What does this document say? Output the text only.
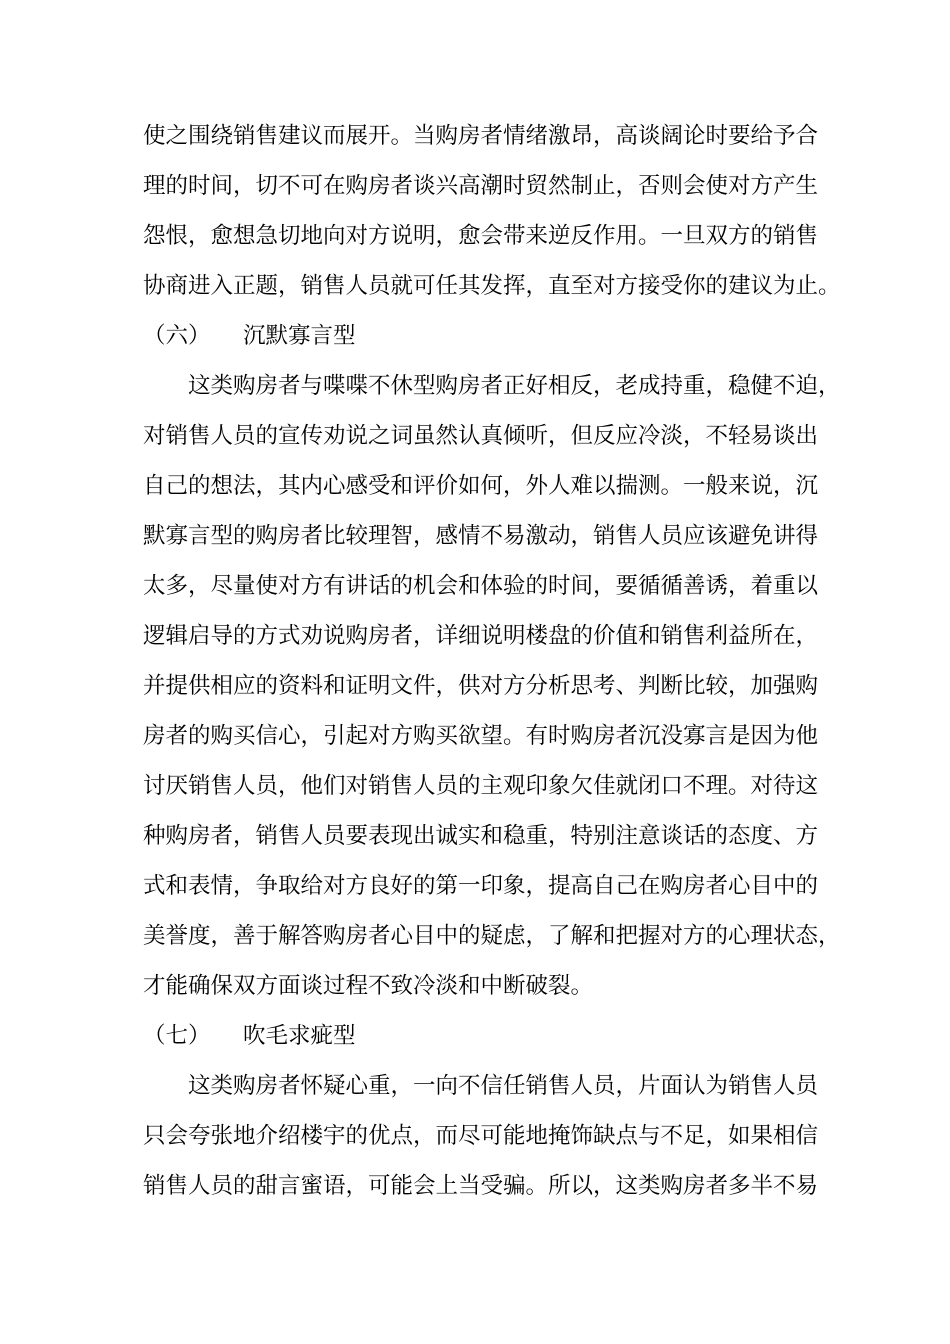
使之围绕销售建议而展开。当购房者情绪激昂，高谈阔论时要给予合
理的时间，切不可在购房者谈兴高潮时贸然制止，否则会使对方产生
怨恨，愈想急切地向对方说明，愈会带来逆反作用。一旦双方的销售
协商进入正题，销售人员就可任其发挥，直至对方接受你的建议为止。
（六） 沉默寡言型
这类购房者与喋喋不休型购房者正好相反，老成持重，稳健不迫，
对销售人员的宣传劝说之词虽然认真倾听，但反应冷淡，不轻易谈出
自己的想法，其内心感受和评价如何，外人难以揣测。一般来说，沉
默寡言型的购房者比较理智，感情不易激动，销售人员应该避免讲得
太多，尽量使对方有讲话的机会和体验的时间，要循循善诱，着重以
逻辑启导的方式劝说购房者，详细说明楼盘的价值和销售利益所在，
并提供相应的资料和证明文件，供对方分析思考、判断比较，加强购
房者的购买信心，引起对方购买欲望。有时购房者沉没寡言是因为他
讨厌销售人员，他们对销售人员的主观印象欠佳就闭口不理。对待这
种购房者，销售人员要表现出诚实和稳重，特别注意谈话的态度、方
式和表情，争取给对方良好的第一印象，提高自己在购房者心目中的
美誉度，善于解答购房者心目中的疑虑，了解和把握对方的心理状态，
才能确保双方面谈过程不致冷淡和中断破裂。
（七） 吹毛求疵型
这类购房者怀疑心重，一向不信任销售人员，片面认为销售人员
只会夸张地介绍楼宇的优点，而尽可能地掩饰缺点与不足，如果相信
销售人员的甜言蜜语，可能会上当受骗。所以，这类购房者多半不易
